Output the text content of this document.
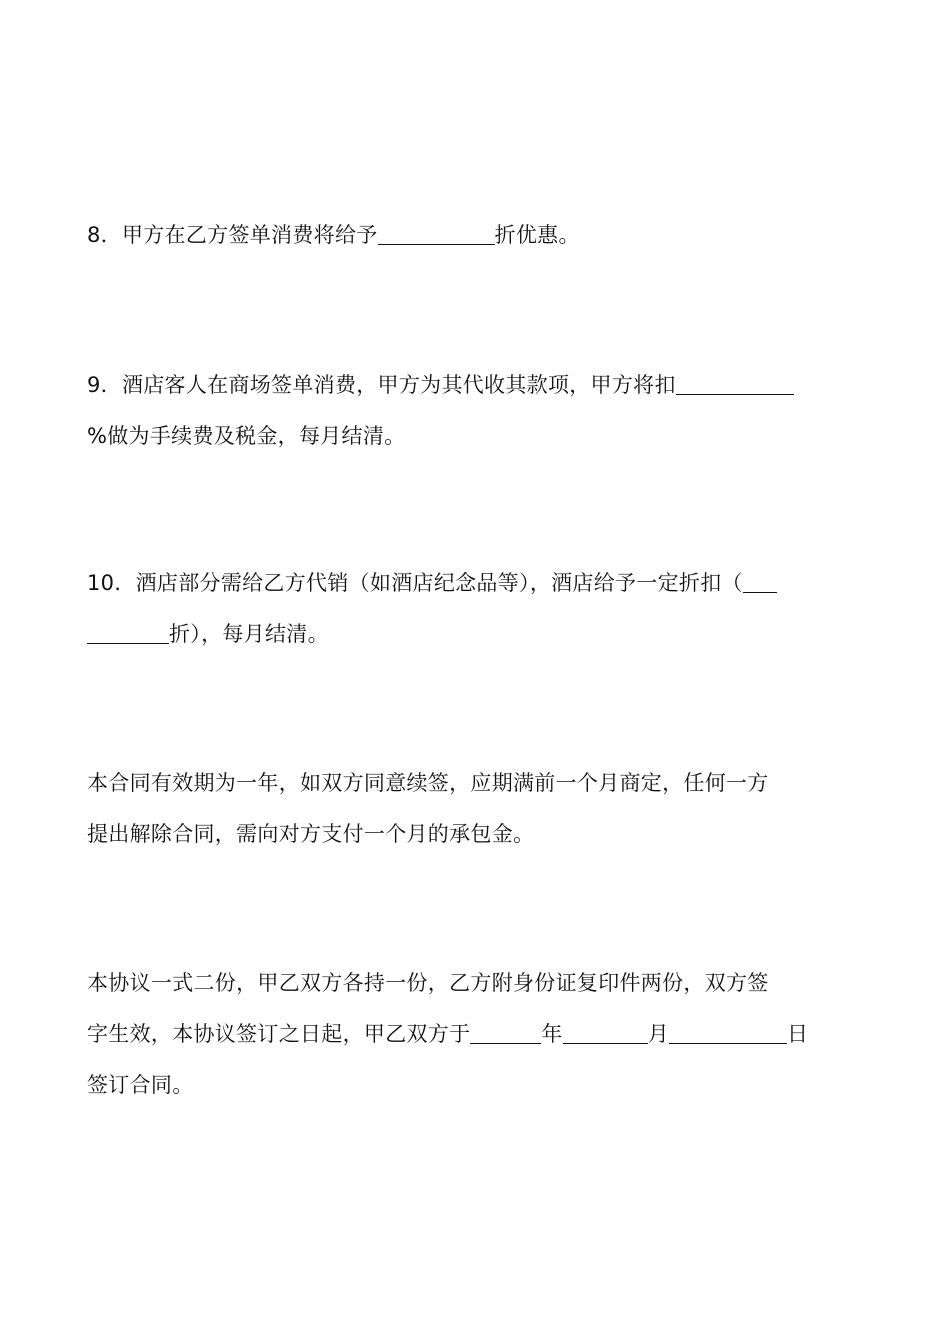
8．甲方在乙方签单消费将给予	折优惠。
9．酒店客人在商场签单消费，甲方为其代收其款项，甲方将扣
%做为手续费及税金，每月结清。
10．酒店部分需给乙方代销（如酒店纪念品等），酒店给予一定折扣（
折），每月结清。
本合同有效期为一年，如双方同意续签，应期满前一个月商定，任何一方
提出解除合同，需向对方支付一个月的承包金。
本协议一式二份，甲乙双方各持一份，乙方附身份证复印件两份，双方签
字生效，本协议签订之日起，甲乙双方于	年	月	日
签订合同。
